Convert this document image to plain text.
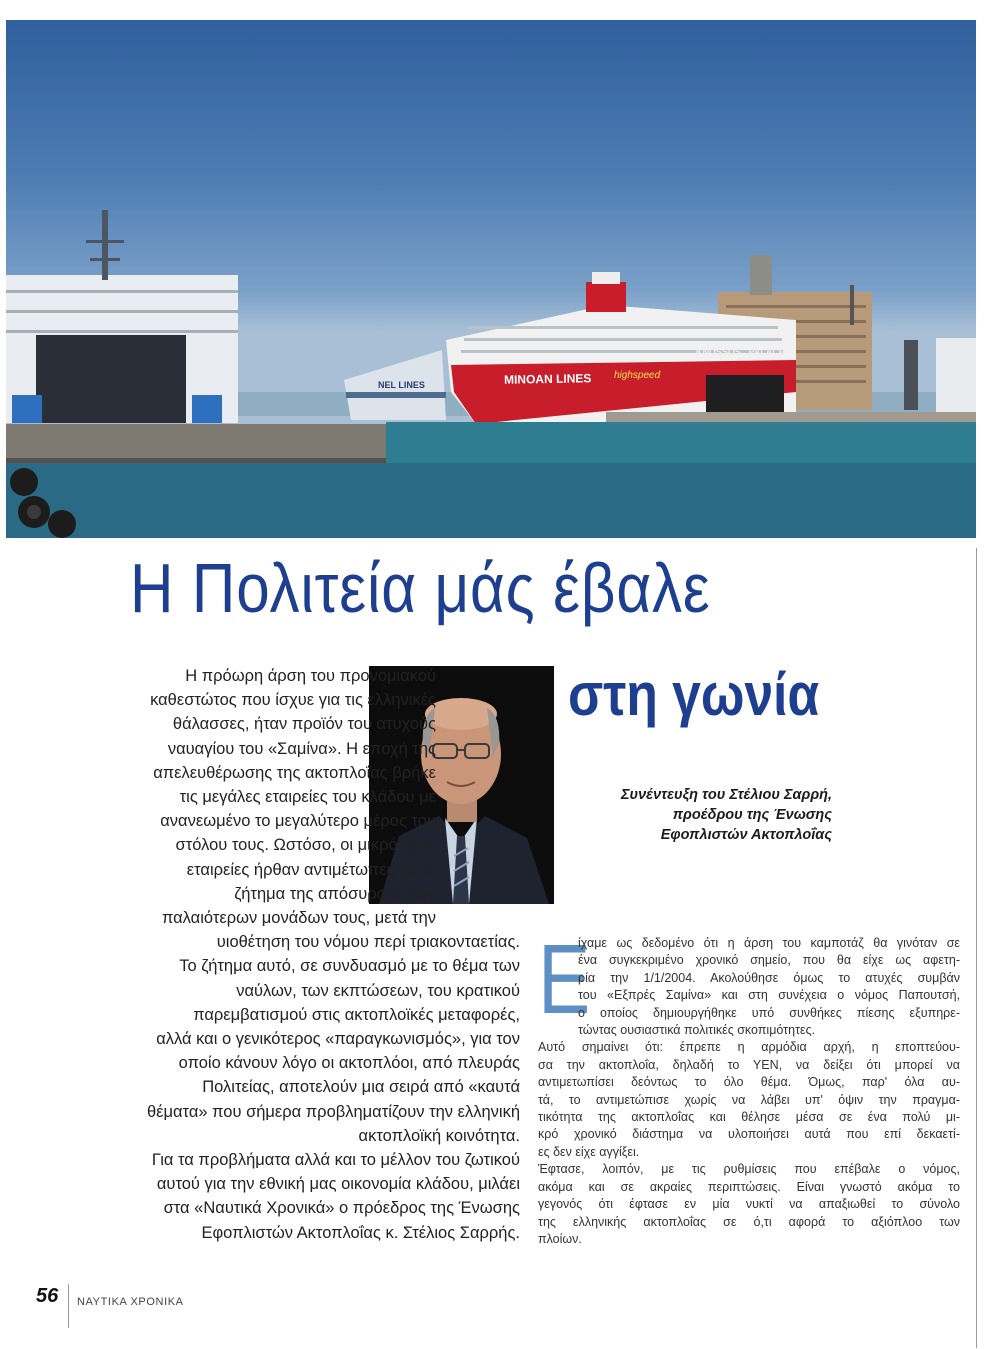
NEL LINES	MINOAN LINES highspeed
KNOSSOS   PALACE
Η Πολιτεία μάς έβαλε
στη γωνία
Η πρόωρη άρση του προνομιακού
καθεστώτος που ίσχυε για τις ελληνικές
θάλασσες, ήταν προϊόν του ατυχούς
ναυαγίου του «Σαμίνα». Η εποχή της
απελευθέρωσης της ακτοπλοΐας βρήκε
τις μεγάλες εταιρείες του κλάδου με
ανανεωμένο το μεγαλύτερο μέρος του
στόλου τους. Ωστόσο, οι μικρότερες
εταιρείες ήρθαν αντιμέτωπες με το
ζήτημα της απόσυρσης των
παλαιότερων μονάδων τους, μετά την
υιοθέτηση του νόμου περί τριακονταετίας.
Το ζήτημα αυτό, σε συνδυασμό με το θέμα των
ναύλων, των εκπτώσεων, του κρατικού
παρεμβατισμού στις ακτοπλοϊκές μεταφορές,
αλλά και ο γενικότερος «παραγκωνισμός», για τον
οποίο κάνουν λόγο οι ακτοπλόοι, από πλευράς
Πολιτείας, αποτελούν μια σειρά από «καυτά
θέματα» που σήμερα προβληματίζουν την ελληνική
ακτοπλοϊκή κοινότητα.
Για τα προβλήματα αλλά και το μέλλον του ζωτικού
αυτού για την εθνική μας οικονομία κλάδου, μιλάει
στα «Ναυτικά Χρονικά» ο πρόεδρος της Ένωσης
Εφοπλιστών Ακτοπλοΐας κ. Στέλιος Σαρρής.
Συνέντευξη του Στέλιου Σαρρή,
προέδρου της Ένωσης
Εφοπλιστών Ακτοπλοΐας
Ε
ίχαμε ως δεδομένο ότι η άρση του καμποτάζ θα γινόταν σε
ένα συγκεκριμένο χρονικό σημείο, που θα είχε ως αφετη-
ρία την 1/1/2004. Ακολούθησε όμως το ατυχές συμβάν
του «Εξπρές Σαμίνα» και στη συνέχεια ο νόμος Παπουτσή,
ο οποίος δημιουργήθηκε υπό συνθήκες πίεσης εξυπηρε-
τώντας ουσιαστικά πολιτικές σκοπιμότητες.
Αυτό σημαίνει ότι: έπρεπε η αρμόδια αρχή, η εποπτεύου-
σα την ακτοπλοΐα, δηλαδή το ΥΕΝ, να δείξει ότι μπορεί να
αντιμετωπίσει δεόντως το όλο θέμα. Όμως, παρ' όλα αυ-
τά, το αντιμετώπισε χωρίς να λάβει υπ' όψιν την πραγμα-
τικότητα της ακτοπλοΐας και θέλησε μέσα σε ένα πολύ μι-
κρό χρονικό διάστημα να υλοποιήσει αυτά που επί δεκαετί-
ες δεν είχε αγγίξει.
Έφτασε, λοιπόν, με τις ρυθμίσεις που επέβαλε ο νόμος,
ακόμα και σε ακραίες περιπτώσεις. Είναι γνωστό ακόμα το
γεγονός ότι έφτασε εν μία νυκτί να απαξιωθεί το σύνολο
της ελληνικής ακτοπλοΐας σε ό,τι αφορά το αξιόπλοο των
πλοίων.
56 ΝΑΥΤΙΚΑ ΧΡΟΝΙΚΑ
